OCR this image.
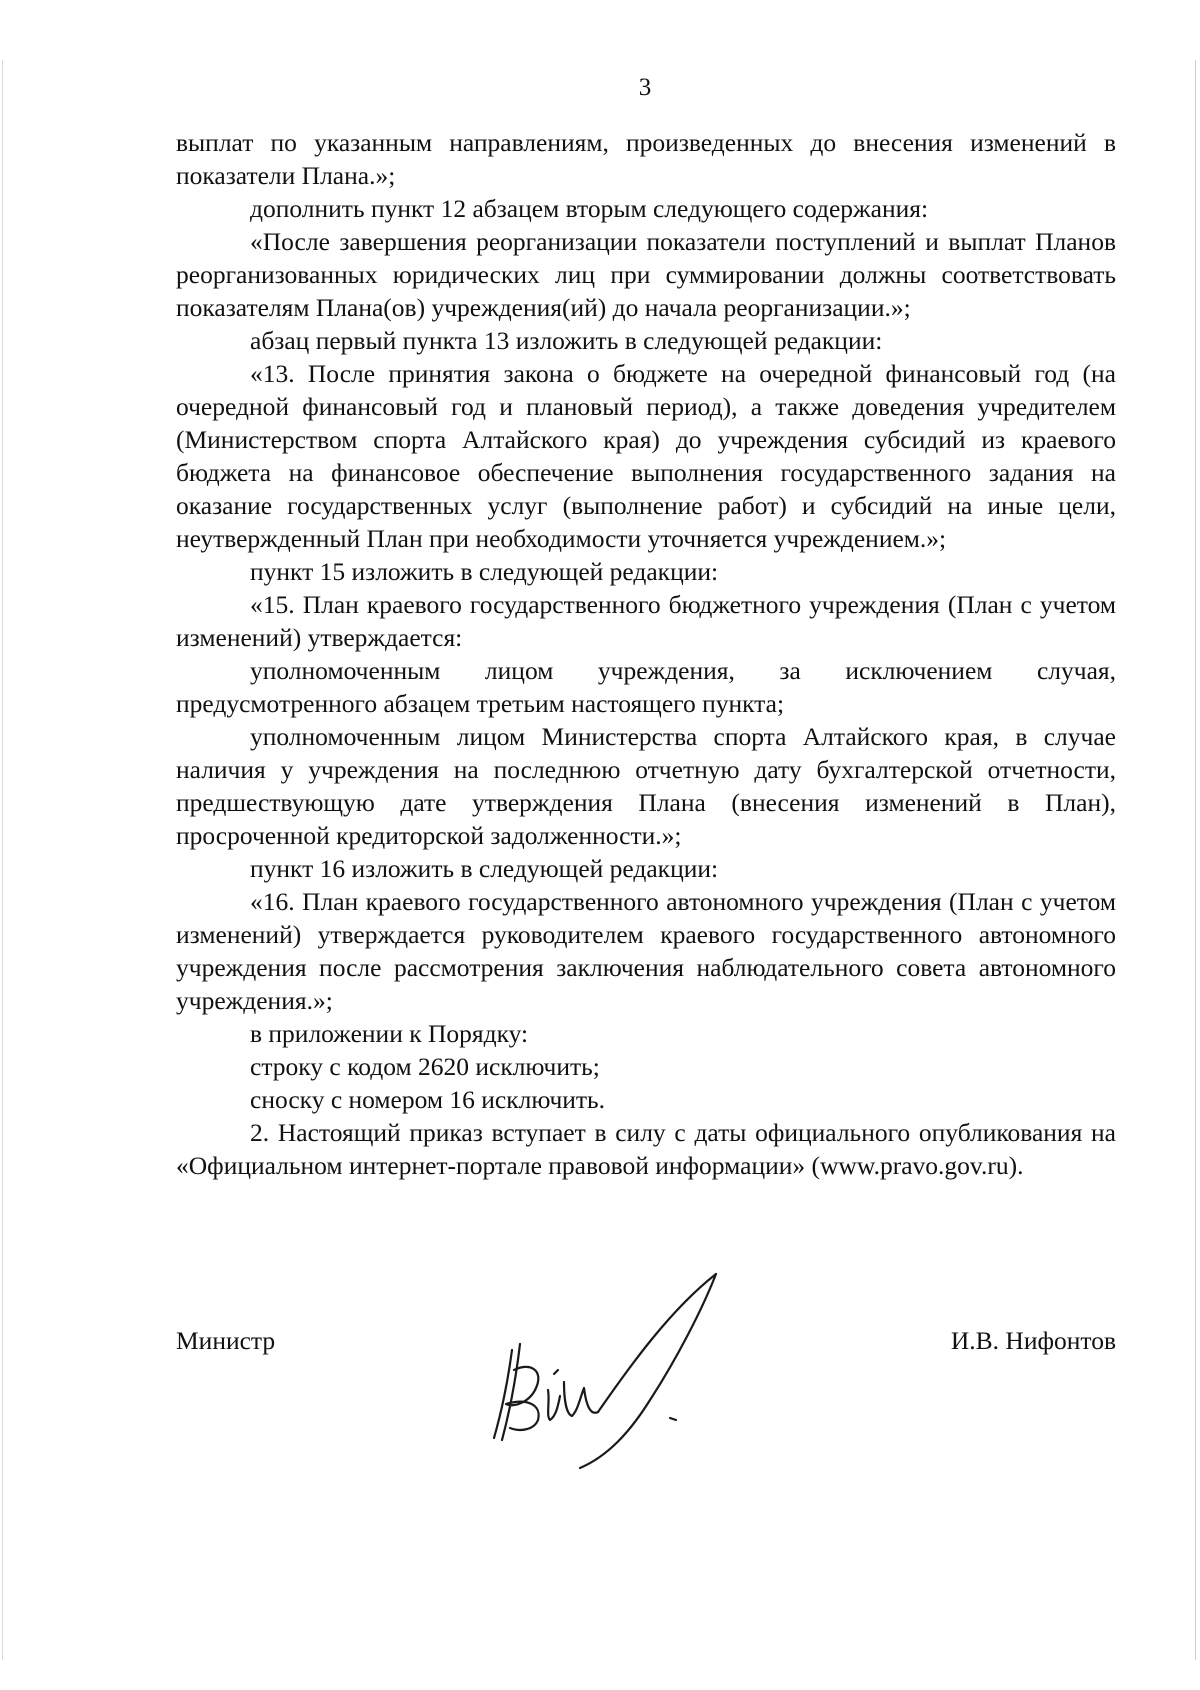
3

выплат по указанным направлениям, произведенных до внесения изменений в показатели Плана.»;

дополнить пункт 12 абзацем вторым следующего содержания:

«После завершения реорганизации показатели поступлений и выплат Планов реорганизованных юридических лиц при суммировании должны соответствовать показателям Плана(ов) учреждения(ий) до начала реорганизации.»;

абзац первый пункта 13 изложить в следующей редакции:

«13. После принятия закона о бюджете на очередной финансовый год (на очередной финансовый год и плановый период), а также доведения учредителем (Министерством спорта Алтайского края) до учреждения субсидий из краевого бюджета на финансовое обеспечение выполнения государственного задания на оказание государственных услуг (выполнение работ) и субсидий на иные цели, неутвержденный План при необходимости уточняется учреждением.»;

пункт 15 изложить в следующей редакции:

«15. План краевого государственного бюджетного учреждения (План с учетом изменений) утверждается:

уполномоченным лицом учреждения, за исключением случая, предусмотренного абзацем третьим настоящего пункта;

уполномоченным лицом Министерства спорта Алтайского края, в случае наличия у учреждения на последнюю отчетную дату бухгалтерской отчетности, предшествующую дате утверждения Плана (внесения изменений в План), просроченной кредиторской задолженности.»;

пункт 16 изложить в следующей редакции:

«16. План краевого государственного автономного учреждения (План с учетом изменений) утверждается руководителем краевого государственного автономного учреждения после рассмотрения заключения наблюдательного совета автономного учреждения.»;

в приложении к Порядку:

строку с кодом 2620 исключить;

сноску с номером 16 исключить.

2. Настоящий приказ вступает в силу с даты официального опубликования на «Официальном интернет-портале правовой информации» (www.pravo.gov.ru).

Министр	И.В. Нифонтов
